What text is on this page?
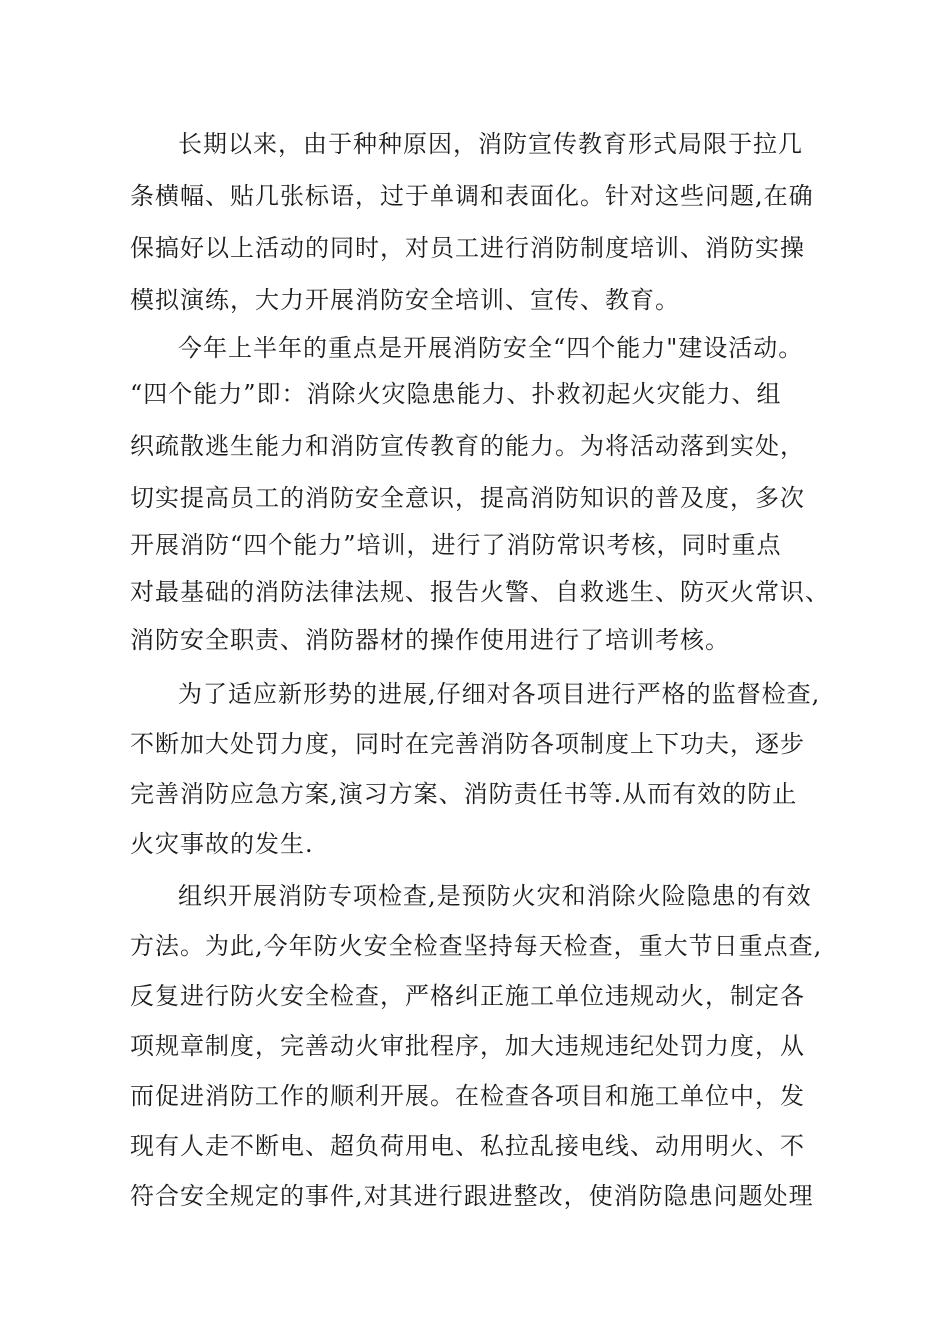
长期以来，由于种种原因，消防宣传教育形式局限于拉几
条横幅、贴几张标语，过于单调和表面化。针对这些问题,在确
保搞好以上活动的同时，对员工进行消防制度培训、消防实操
模拟演练，大力开展消防安全培训、宣传、教育。
今年上半年的重点是开展消防安全“四个能力"建设活动。
“四个能力”即：消除火灾隐患能力、扑救初起火灾能力、组
织疏散逃生能力和消防宣传教育的能力。为将活动落到实处，
切实提高员工的消防安全意识，提高消防知识的普及度，多次
开展消防“四个能力”培训，进行了消防常识考核，同时重点
对最基础的消防法律法规、报告火警、自救逃生、防灭火常识、
消防安全职责、消防器材的操作使用进行了培训考核。
为了适应新形势的进展,仔细对各项目进行严格的监督检查,
不断加大处罚力度，同时在完善消防各项制度上下功夫，逐步
完善消防应急方案,演习方案、消防责任书等.从而有效的防止
火灾事故的发生.
组织开展消防专项检查,是预防火灾和消除火险隐患的有效
方法。为此,今年防火安全检查坚持每天检查，重大节日重点查,
反复进行防火安全检查，严格纠正施工单位违规动火，制定各
项规章制度，完善动火审批程序，加大违规违纪处罚力度，从
而促进消防工作的顺利开展。在检查各项目和施工单位中，发
现有人走不断电、超负荷用电、私拉乱接电线、动用明火、不
符合安全规定的事件,对其进行跟进整改，使消防隐患问题处理
